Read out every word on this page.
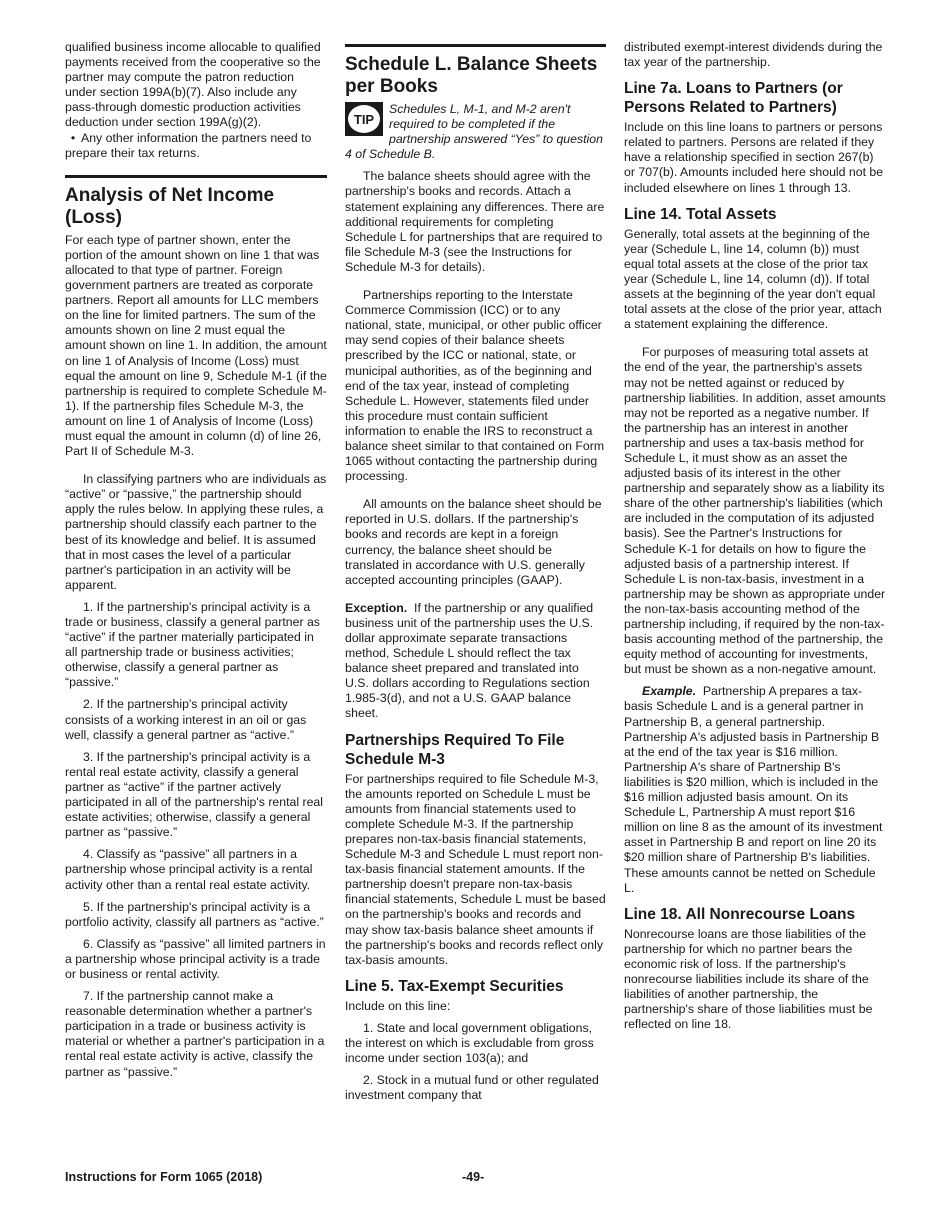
qualified business income allocable to qualified payments received from the cooperative so the partner may compute the patron reduction under section 199A(b)(7). Also include any pass-through domestic production activities deduction under section 199A(g)(2).

• Any other information the partners need to prepare their tax returns.

Analysis of Net Income (Loss)

For each type of partner shown, enter the portion of the amount shown on line 1 that was allocated to that type of partner. Foreign government partners are treated as corporate partners. Report all amounts for LLC members on the line for limited partners. The sum of the amounts shown on line 2 must equal the amount shown on line 1. In addition, the amount on line 1 of Analysis of Income (Loss) must equal the amount on line 9, Schedule M-1 (if the partnership is required to complete Schedule M-1). If the partnership files Schedule M-3, the amount on line 1 of Analysis of Income (Loss) must equal the amount in column (d) of line 26, Part II of Schedule M-3.

In classifying partners who are individuals as “active” or “passive,” the partnership should apply the rules below. In applying these rules, a partnership should classify each partner to the best of its knowledge and belief. It is assumed that in most cases the level of a particular partner's participation in an activity will be apparent.

1. If the partnership's principal activity is a trade or business, classify a general partner as “active” if the partner materially participated in all partnership trade or business activities; otherwise, classify a general partner as “passive.”

2. If the partnership's principal activity consists of a working interest in an oil or gas well, classify a general partner as “active.”

3. If the partnership's principal activity is a rental real estate activity, classify a general partner as “active” if the partner actively participated in all of the partnership's rental real estate activities; otherwise, classify a general partner as “passive.”

4. Classify as “passive” all partners in a partnership whose principal activity is a rental activity other than a rental real estate activity.

5. If the partnership's principal activity is a portfolio activity, classify all partners as “active.”

6. Classify as “passive” all limited partners in a partnership whose principal activity is a trade or business or rental activity.

7. If the partnership cannot make a reasonable determination whether a partner's participation in a trade or business activity is material or whether a partner's participation in a rental real estate activity is active, classify the partner as “passive.”

Schedule L. Balance Sheets per Books
TIP

Schedules L, M-1, and M-2 aren't required to be completed if the partnership answered “Yes” to question 4 of Schedule B.

The balance sheets should agree with the partnership's books and records. Attach a statement explaining any differences. There are additional requirements for completing Schedule L for partnerships that are required to file Schedule M-3 (see the Instructions for Schedule M-3 for details).

Partnerships reporting to the Interstate Commerce Commission (ICC) or to any national, state, municipal, or other public officer may send copies of their balance sheets prescribed by the ICC or national, state, or municipal authorities, as of the beginning and end of the tax year, instead of completing Schedule L. However, statements filed under this procedure must contain sufficient information to enable the IRS to reconstruct a balance sheet similar to that contained on Form 1065 without contacting the partnership during processing.

All amounts on the balance sheet should be reported in U.S. dollars. If the partnership's books and records are kept in a foreign currency, the balance sheet should be translated in accordance with U.S. generally accepted accounting principles (GAAP).

Exception. If the partnership or any qualified business unit of the partnership uses the U.S. dollar approximate separate transactions method, Schedule L should reflect the tax balance sheet prepared and translated into U.S. dollars according to Regulations section 1.985-3(d), and not a U.S. GAAP balance sheet.

Partnerships Required To File Schedule M-3

For partnerships required to file Schedule M-3, the amounts reported on Schedule L must be amounts from financial statements used to complete Schedule M-3. If the partnership prepares non-tax-basis financial statements, Schedule M-3 and Schedule L must report non-tax-basis financial statement amounts. If the partnership doesn't prepare non-tax-basis financial statements, Schedule L must be based on the partnership's books and records and may show tax-basis balance sheet amounts if the partnership's books and records reflect only tax-basis amounts.

Line 5. Tax-Exempt Securities

Include on this line:

1. State and local government obligations, the interest on which is excludable from gross income under section 103(a); and

2. Stock in a mutual fund or other regulated investment company that

distributed exempt-interest dividends during the tax year of the partnership.

Line 7a. Loans to Partners (or Persons Related to Partners)

Include on this line loans to partners or persons related to partners. Persons are related if they have a relationship specified in section 267(b) or 707(b). Amounts included here should not be included elsewhere on lines 1 through 13.

Line 14. Total Assets

Generally, total assets at the beginning of the year (Schedule L, line 14, column (b)) must equal total assets at the close of the prior tax year (Schedule L, line 14, column (d)). If total assets at the beginning of the year don't equal total assets at the close of the prior year, attach a statement explaining the difference.

For purposes of measuring total assets at the end of the year, the partnership's assets may not be netted against or reduced by partnership liabilities. In addition, asset amounts may not be reported as a negative number. If the partnership has an interest in another partnership and uses a tax-basis method for Schedule L, it must show as an asset the adjusted basis of its interest in the other partnership and separately show as a liability its share of the other partnership's liabilities (which are included in the computation of its adjusted basis). See the Partner's Instructions for Schedule K-1 for details on how to figure the adjusted basis of a partnership interest. If Schedule L is non-tax-basis, investment in a partnership may be shown as appropriate under the non-tax-basis accounting method of the partnership including, if required by the non-tax-basis accounting method of the partnership, the equity method of accounting for investments, but must be shown as a non-negative amount.

Example. Partnership A prepares a tax-basis Schedule L and is a general partner in Partnership B, a general partnership. Partnership A's adjusted basis in Partnership B at the end of the tax year is $16 million. Partnership A's share of Partnership B's liabilities is $20 million, which is included in the $16 million adjusted basis amount. On its Schedule L, Partnership A must report $16 million on line 8 as the amount of its investment asset in Partnership B and report on line 20 its $20 million share of Partnership B's liabilities. These amounts cannot be netted on Schedule L.

Line 18. All Nonrecourse Loans

Nonrecourse loans are those liabilities of the partnership for which no partner bears the economic risk of loss. If the partnership's nonrecourse liabilities include its share of the liabilities of another partnership, the partnership's share of those liabilities must be reflected on line 18.

Instructions for Form 1065 (2018)	-49-
